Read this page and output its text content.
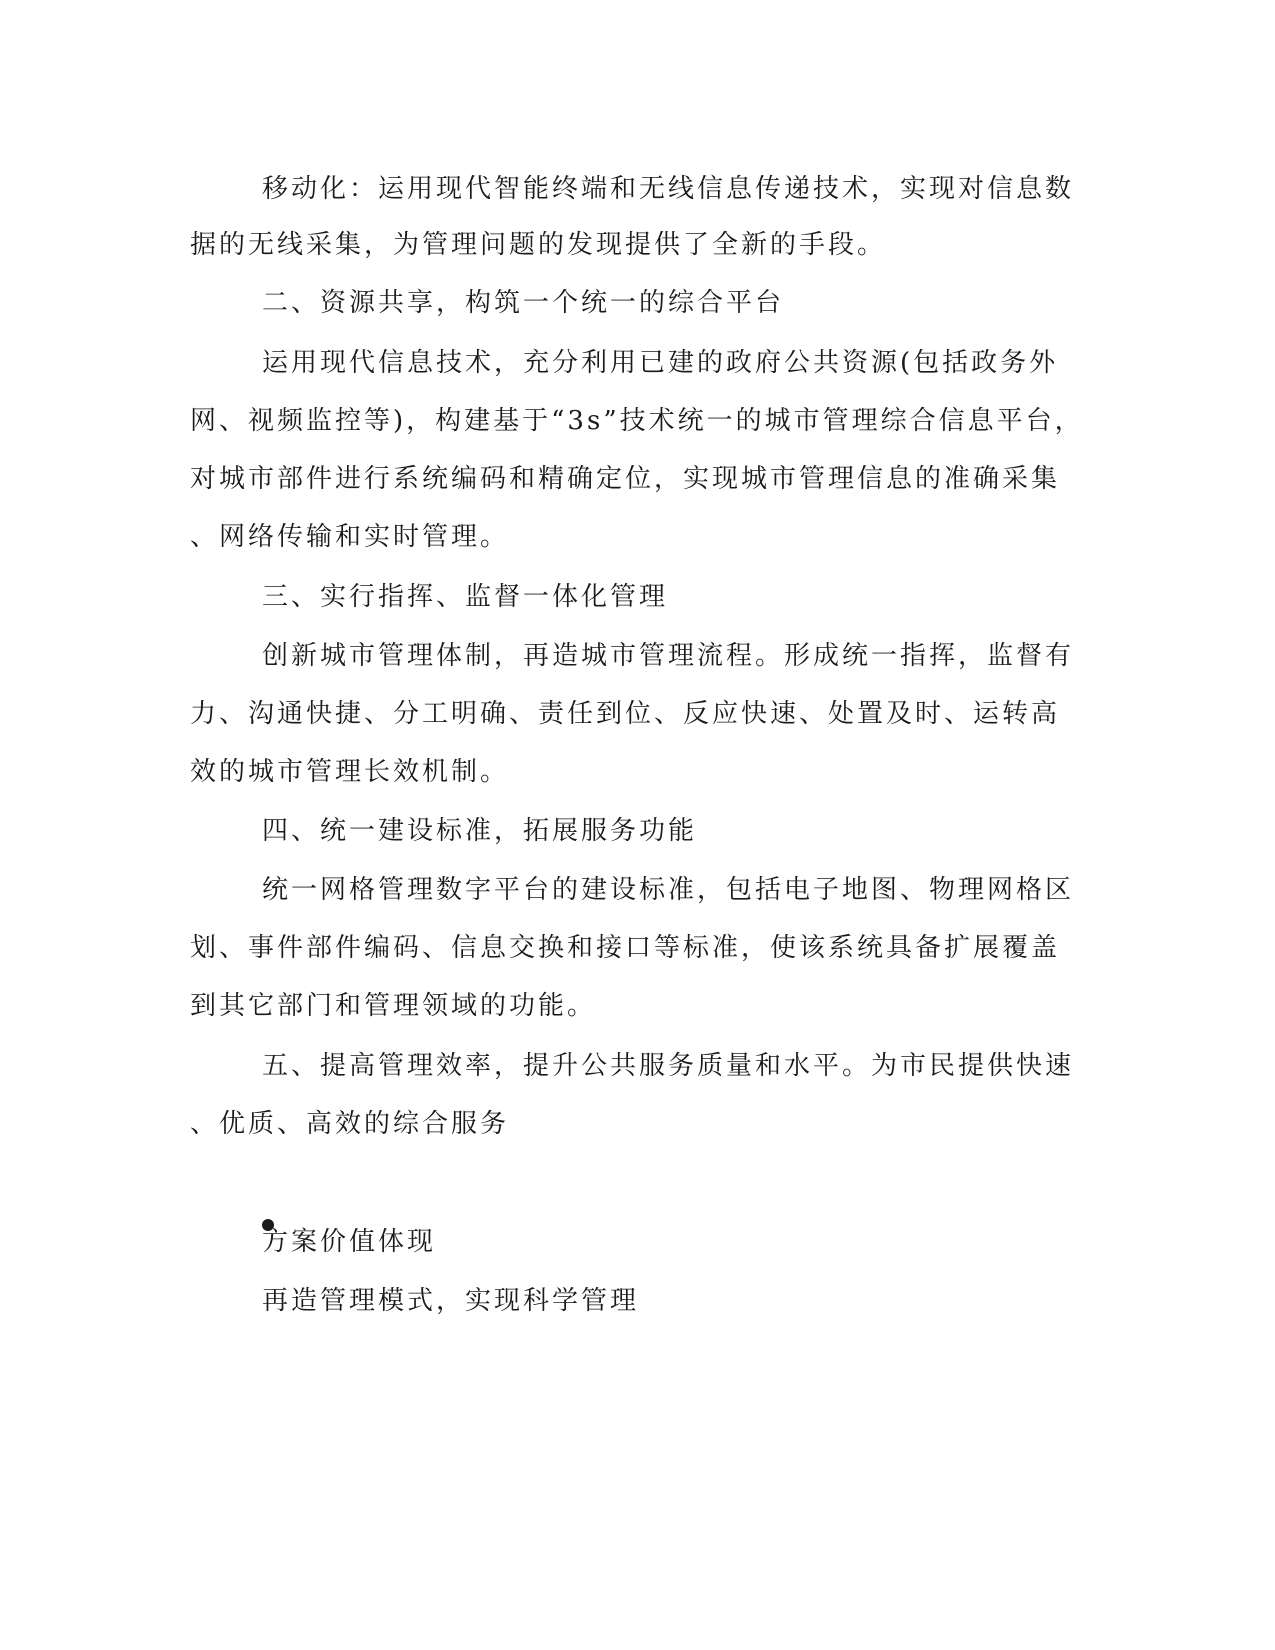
移动化：运用现代智能终端和无线信息传递技术，实现对信息数
据的无线采集，为管理问题的发现提供了全新的手段。
二、资源共享，构筑一个统一的综合平台
运用现代信息技术，充分利用已建的政府公共资源(包括政务外
网、视频监控等)，构建基于“3s”技术统一的城市管理综合信息平台，
对城市部件进行系统编码和精确定位，实现城市管理信息的准确采集
、网络传输和实时管理。
三、实行指挥、监督一体化管理
创新城市管理体制，再造城市管理流程。形成统一指挥，监督有
力、沟通快捷、分工明确、责任到位、反应快速、处置及时、运转高
效的城市管理长效机制。
四、统一建设标准，拓展服务功能
统一网格管理数字平台的建设标准，包括电子地图、物理网格区
划、事件部件编码、信息交换和接口等标准，使该系统具备扩展覆盖
到其它部门和管理领域的功能。
五、提高管理效率，提升公共服务质量和水平。为市民提供快速
、优质、高效的综合服务
方案价值体现
再造管理模式，实现科学管理
